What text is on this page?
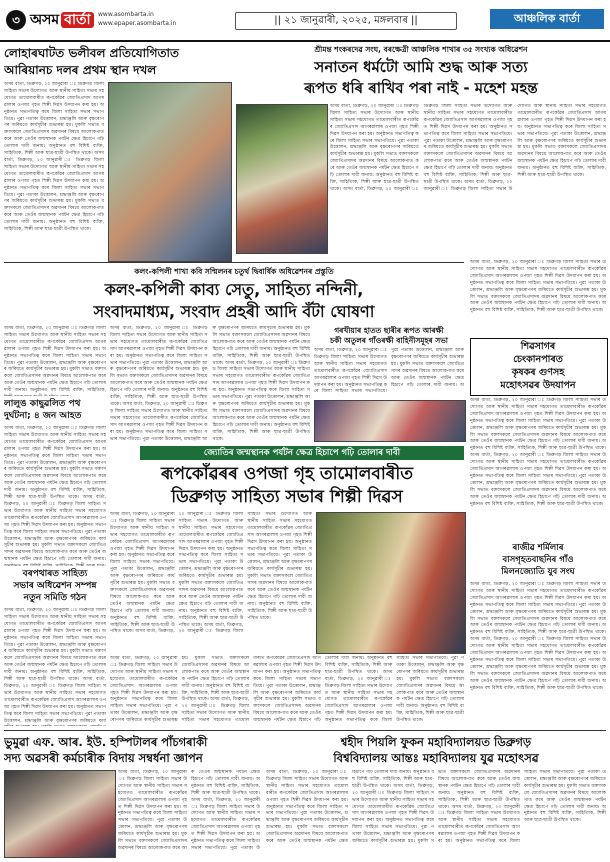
৩ অসম বাৰ্তা www.asombarta.in
www.epaper.asombarta.in	|| ২১ জানুৱাৰী, ২০২৫, মঙ্গলবাৰ ||	আঞ্চলিক বাৰ্তা
লোহাৰঘাটত ভলীবল প্ৰতিযোগিতাত
আৰিয়ানচ দলৰ প্ৰথম স্থান দখল
অসম বাৰ্তা, ডিব্ৰুগড়, ২০ জানুৱাৰী ঃ ডিব্ৰুগড় জিলা সাহিত্য সভাৰ উদ্যোগত আৰু স্থানীয় সাহিত্য সভাৰ সহযোগত তামোলবাৰীত ৰূপকোঁৱৰ জ্যোতিপ্ৰসাদ আগৰৱালাৰ ওপজা গৃহত শিল্পী দিৱস উদযাপন কৰা হয়। অনুষ্ঠানত সভাপতিত্ব কৰে জিলা সাহিত্য সভাৰ সভাপতিয়ে। পুৱা পতাকা উত্তোলন, শ্ৰদ্ধাঞ্জলি আৰু বৃক্ষৰোপণৰ জৰিয়তে কাৰ্যসূচীৰ শুভাৰম্ভ হয়। মুকলি সভাত বক্তাসকলে জ্যোতিপ্ৰসাদৰ অৱদানৰ বিষয়ে আলোকপাত কৰে আৰু তেওঁৰ জন্মস্থানক পৰ্যটন ক্ষেত্ৰ হিচাপে গঢ়ি তোলাৰ দাবী জনায়। অনুষ্ঠানত বহু বিশিষ্ট ব্যক্তি, সাহিত্যিক, শিল্পী আৰু ছাত্ৰ-ছাত্ৰী উপস্থিত থাকে। অসম বাৰ্তা, ডিব্ৰুগড়, ২০ জানুৱাৰী ঃ ডিব্ৰুগড় জিলা সাহিত্য সভাৰ উদ্যোগত আৰু স্থানীয় সাহিত্য সভাৰ সহযোগত তামোলবাৰীত ৰূপকোঁৱৰ জ্যোতিপ্ৰসাদ আগৰৱালাৰ ওপজা গৃহত শিল্পী দিৱস উদযাপন কৰা হয়। অনুষ্ঠানত সভাপতিত্ব কৰে জিলা সাহিত্য সভাৰ সভাপতিয়ে। পুৱা পতাকা উত্তোলন, শ্ৰদ্ধাঞ্জলি আৰু বৃক্ষৰোপণৰ জৰিয়তে কাৰ্যসূচীৰ শুভাৰম্ভ হয়। মুকলি সভাত বক্তাসকলে জ্যোতিপ্ৰসাদৰ অৱদানৰ বিষয়ে আলোকপাত কৰে আৰু তেওঁৰ জন্মস্থানক পৰ্যটন ক্ষেত্ৰ হিচাপে গঢ়ি তোলাৰ দাবী জনায়। অনুষ্ঠানত বহু বিশিষ্ট ব্যক্তি, সাহিত্যিক, শিল্পী আৰু ছাত্ৰ-ছাত্ৰী উপস্থিত থাকে।
শ্ৰীমন্ত শংকৰদেৱ সংঘ, বৰক্ষেত্ৰী আঞ্চলিক শাখাৰ ৩৫ সংখ্যক অধিৱেশন
সনাতন ধৰ্মটো আমি শুদ্ধ আৰু সত্য
ৰূপত ধৰি ৰাখিব পৰা নাই - মহেশ মহন্ত
অসম বাৰ্তা, ডিব্ৰুগড়, ২০ জানুৱাৰী ঃ ডিব্ৰুগড় জিলা সাহিত্য সভাৰ উদ্যোগত আৰু স্থানীয় সাহিত্য সভাৰ সহযোগত তামোলবাৰীত ৰূপকোঁৱৰ জ্যোতিপ্ৰসাদ আগৰৱালাৰ ওপজা গৃহত শিল্পী দিৱস উদযাপন কৰা হয়। অনুষ্ঠানত সভাপতিত্ব কৰে জিলা সাহিত্য সভাৰ সভাপতিয়ে। পুৱা পতাকা উত্তোলন, শ্ৰদ্ধাঞ্জলি আৰু বৃক্ষৰোপণৰ জৰিয়তে কাৰ্যসূচীৰ শুভাৰম্ভ হয়। মুকলি সভাত বক্তাসকলে জ্যোতিপ্ৰসাদৰ অৱদানৰ বিষয়ে আলোকপাত কৰে আৰু তেওঁৰ জন্মস্থানক পৰ্যটন ক্ষেত্ৰ হিচাপে গঢ়ি তোলাৰ দাবী জনায়। অনুষ্ঠানত বহু বিশিষ্ট ব্যক্তি, সাহিত্যিক, শিল্পী আৰু ছাত্ৰ-ছাত্ৰী উপস্থিত থাকে। অসম বাৰ্তা, ডিব্ৰুগড়, ২০ জানুৱাৰী ঃ ডিব্ৰুগড় জিলা সাহিত্য সভাৰ উদ্যোগত আৰু স্থানীয় সাহিত্য সভাৰ সহযোগত তামোলবাৰীত ৰূপকোঁৱৰ জ্যোতিপ্ৰসাদ আগৰৱালাৰ ওপজা গৃহত শিল্পী দিৱস উদযাপন কৰা হয়। অনুষ্ঠানত সভাপতিত্ব কৰে জিলা সাহিত্য সভাৰ সভাপতিয়ে। পুৱা পতাকা উত্তোলন, শ্ৰদ্ধাঞ্জলি আৰু বৃক্ষৰোপণৰ জৰিয়তে কাৰ্যসূচীৰ শুভাৰম্ভ হয়। মুকলি সভাত বক্তাসকলে জ্যোতিপ্ৰসাদৰ অৱদানৰ বিষয়ে আলোকপাত কৰে আৰু তেওঁৰ জন্মস্থানক পৰ্যটন ক্ষেত্ৰ হিচাপে গঢ়ি তোলাৰ দাবী জনায়। অনুষ্ঠানত বহু বিশিষ্ট ব্যক্তি, সাহিত্যিক, শিল্পী আৰু ছাত্ৰ-ছাত্ৰী উপস্থিত থাকে। অসম বাৰ্তা, ডিব্ৰুগড়, ২০ জানুৱাৰী ঃ ডিব্ৰুগড় জিলা সাহিত্য সভাৰ উদ্যোগত আৰু স্থানীয় সাহিত্য সভাৰ সহযোগত তামোলবাৰীত ৰূপকোঁৱৰ জ্যোতিপ্ৰসাদ আগৰৱালাৰ ওপজা গৃহত শিল্পী দিৱস উদযাপন কৰা হয়। অনুষ্ঠানত সভাপতিত্ব কৰে জিলা সাহিত্য সভাৰ সভাপতিয়ে। পুৱা পতাকা উত্তোলন, শ্ৰদ্ধাঞ্জলি আৰু বৃক্ষৰোপণৰ জৰিয়তে কাৰ্যসূচীৰ শুভাৰম্ভ হয়। মুকলি সভাত বক্তাসকলে জ্যোতিপ্ৰসাদৰ অৱদানৰ বিষয়ে আলোকপাত কৰে আৰু তেওঁৰ জন্মস্থানক পৰ্যটন ক্ষেত্ৰ হিচাপে গঢ়ি তোলাৰ দাবী জনায়। অনুষ্ঠানত বহু বিশিষ্ট ব্যক্তি, সাহিত্যিক, শিল্পী আৰু ছাত্ৰ-ছাত্ৰী উপস্থিত থাকে।
কলং-কপিলী শাখা কবি সন্মিলনৰ চতুৰ্থ দ্বিবাৰ্ষিক অধিৱেশনৰ প্ৰস্তুতি
কলং-কপিলী কাব্য সেতু, সাহিত্য নন্দিনী,
সংবাদমাধ্যম, সংবাদ প্ৰহৰী আদি বঁটা ঘোষণা
অসম বাৰ্তা, ডিব্ৰুগড়, ২০ জানুৱাৰী ঃ ডিব্ৰুগড় জিলা সাহিত্য সভাৰ উদ্যোগত আৰু স্থানীয় সাহিত্য সভাৰ সহযোগত তামোলবাৰীত ৰূপকোঁৱৰ জ্যোতিপ্ৰসাদ আগৰৱালাৰ ওপজা গৃহত শিল্পী দিৱস উদযাপন কৰা হয়। অনুষ্ঠানত সভাপতিত্ব কৰে জিলা সাহিত্য সভাৰ সভাপতিয়ে। পুৱা পতাকা উত্তোলন, শ্ৰদ্ধাঞ্জলি আৰু বৃক্ষৰোপণৰ জৰিয়তে কাৰ্যসূচীৰ শুভাৰম্ভ হয়। মুকলি সভাত বক্তাসকলে জ্যোতিপ্ৰসাদৰ অৱদানৰ বিষয়ে আলোকপাত কৰে আৰু তেওঁৰ জন্মস্থানক পৰ্যটন ক্ষেত্ৰ হিচাপে গঢ়ি তোলাৰ দাবী জনায়। অনুষ্ঠানত বহু বিশিষ্ট ব্যক্তি, সাহিত্যিক,
লালুঙ কাছুৱলিত পথ
দুৰ্ঘটনা; ৪ জন আহত
অসম বাৰ্তা, ডিব্ৰুগড়, ২০ জানুৱাৰী ঃ ডিব্ৰুগড় জিলা সাহিত্য সভাৰ উদ্যোগত আৰু স্থানীয় সাহিত্য সভাৰ সহযোগত তামোলবাৰীত ৰূপকোঁৱৰ জ্যোতিপ্ৰসাদ আগৰৱালাৰ ওপজা গৃহত শিল্পী দিৱস উদযাপন কৰা হয়। অনুষ্ঠানত সভাপতিত্ব কৰে জিলা সাহিত্য সভাৰ সভাপতিয়ে। পুৱা পতাকা উত্তোলন, শ্ৰদ্ধাঞ্জলি আৰু বৃক্ষৰোপণৰ জৰিয়তে কাৰ্যসূচীৰ শুভাৰম্ভ হয়। মুকলি সভাত বক্তাসকলে জ্যোতিপ্ৰসাদৰ অৱদানৰ বিষয়ে আলোকপাত কৰে আৰু তেওঁৰ জন্মস্থানক পৰ্যটন ক্ষেত্ৰ হিচাপে গঢ়ি তোলাৰ দাবী জনায়। অনুষ্ঠানত বহু বিশিষ্ট ব্যক্তি, সাহিত্যিক, শিল্পী আৰু ছাত্ৰ-ছাত্ৰী উপস্থিত থাকে। অসম বাৰ্তা, ডিব্ৰুগড়, ২০ জানুৱাৰী ঃ ডিব্ৰুগড় জিলা সাহিত্য সভাৰ উদ্যোগত আৰু স্থানীয় সাহিত্য সভাৰ সহযোগত তামোলবাৰীত ৰূপকোঁৱৰ জ্যোতিপ্ৰসাদ আগৰৱালাৰ ওপজা গৃহত শিল্পী দিৱস উদযাপন কৰা হয়। অনুষ্ঠানত সভাপতিত্ব কৰে জিলা সাহিত্য সভাৰ সভাপতিয়ে। পুৱা পতাকা উত্তোলন, শ্ৰদ্ধাঞ্জলি আৰু বৃক্ষৰোপণৰ জৰিয়তে কাৰ্যসূচীৰ শুভাৰম্ভ হয়। মুকলি সভাত বক্তাসকলে জ্যোতিপ্ৰসাদৰ অৱদানৰ বিষয়ে আলোকপাত কৰে আৰু তেওঁৰ জন্মস্থানক পৰ্যটন ক্ষেত্ৰ হিচাপে গঢ়ি তোলাৰ দাবী জনায়।
বৰপথাৰত সাহিত্য
সভাৰ অধিৱেশন সম্পন্ন
নতুন সমিতি গঠন
অসম বাৰ্তা, ডিব্ৰুগড়, ২০ জানুৱাৰী ঃ ডিব্ৰুগড় জিলা সাহিত্য সভাৰ উদ্যোগত আৰু স্থানীয় সাহিত্য সভাৰ সহযোগত তামোলবাৰীত ৰূপকোঁৱৰ জ্যোতিপ্ৰসাদ আগৰৱালাৰ ওপজা গৃহত শিল্পী দিৱস উদযাপন কৰা হয়। অনুষ্ঠানত সভাপতিত্ব কৰে জিলা সাহিত্য সভাৰ সভাপতিয়ে। পুৱা পতাকা উত্তোলন, শ্ৰদ্ধাঞ্জলি আৰু বৃক্ষৰোপণৰ জৰিয়তে কাৰ্যসূচীৰ শুভাৰম্ভ হয়। মুকলি সভাত বক্তাসকলে জ্যোতিপ্ৰসাদৰ অৱদানৰ বিষয়ে আলোকপাত কৰে আৰু তেওঁৰ জন্মস্থানক পৰ্যটন ক্ষেত্ৰ হিচাপে গঢ়ি তোলাৰ দাবী জনায়। অনুষ্ঠানত বহু বিশিষ্ট ব্যক্তি, সাহিত্যিক, শিল্পী আৰু ছাত্ৰ-ছাত্ৰী উপস্থিত থাকে। অসম বাৰ্তা, ডিব্ৰুগড়, ২০ জানুৱাৰী ঃ ডিব্ৰুগড় জিলা সাহিত্য সভাৰ উদ্যোগত আৰু স্থানীয় সাহিত্য সভাৰ সহযোগত তামোলবাৰীত ৰূপকোঁৱৰ জ্যোতিপ্ৰসাদ আগৰৱালাৰ ওপজা গৃহত শিল্পী দিৱস উদযাপন কৰা হয়। অনুষ্ঠানত সভাপতিত্ব কৰে জিলা সাহিত্য সভাৰ সভাপতিয়ে। পুৱা পতাকা উত্তোলন, শ্ৰদ্ধাঞ্জলি আৰু বৃক্ষৰোপণৰ জৰিয়তে কাৰ্য
অসম বাৰ্তা, ডিব্ৰুগড়, ২০ জানুৱাৰী ঃ ডিব্ৰুগড় জিলা সাহিত্য সভাৰ উদ্যোগত আৰু স্থানীয় সাহিত্য সভাৰ সহযোগত তামোলবাৰীত ৰূপকোঁৱৰ জ্যোতিপ্ৰসাদ আগৰৱালাৰ ওপজা গৃহত শিল্পী দিৱস উদযাপন কৰা হয়। অনুষ্ঠানত সভাপতিত্ব কৰে জিলা সাহিত্য সভাৰ সভাপতিয়ে। পুৱা পতাকা উত্তোলন, শ্ৰদ্ধাঞ্জলি আৰু বৃক্ষৰোপণৰ জৰিয়তে কাৰ্যসূচীৰ শুভাৰম্ভ হয়। মুকলি সভাত বক্তাসকলে জ্যোতিপ্ৰসাদৰ অৱদানৰ বিষয়ে আলোকপাত কৰে আৰু তেওঁৰ জন্মস্থানক পৰ্যটন ক্ষেত্ৰ হিচাপে গঢ়ি তোলাৰ দাবী জনায়। অনুষ্ঠানত বহু বিশিষ্ট ব্যক্তি, সাহিত্যিক, শিল্পী আৰু ছাত্ৰ-ছাত্ৰী উপস্থিত থাকে। অসম বাৰ্তা, ডিব্ৰুগড়, ২০ জানুৱাৰী ঃ ডিব্ৰুগড় জিলা সাহিত্য সভাৰ উদ্যোগত আৰু স্থানীয় সাহিত্য সভাৰ সহযোগত তামোলবাৰীত ৰূপকোঁৱৰ জ্যোতিপ্ৰসাদ আগৰৱালাৰ ওপজা গৃহত শিল্পী দিৱস উদযাপন কৰা হয়। অনুষ্ঠানত সভাপতিত্ব কৰে জিলা সাহিত্য সভাৰ সভাপতিয়ে। পুৱা পতাকা উত্তোলন, শ্ৰদ্ধাঞ্জলি আৰু বৃক্ষৰোপণৰ জৰিয়তে কাৰ্যসূচীৰ শুভাৰম্ভ হয়। মুকলি সভাত বক্তাসকলে জ্যোতিপ্ৰসাদৰ অৱদানৰ বিষয়ে আলোকপাত কৰে আৰু তেওঁৰ জন্মস্থানক পৰ্যটন ক্ষেত্ৰ হিচাপে গঢ়ি তোলাৰ দাবী জনায়। অনুষ্ঠানত বহু বিশিষ্ট ব্যক্তি, সাহিত্যিক, শিল্পী আৰু ছাত্ৰ-ছাত্ৰী উপস্থিত থাকে। অসম বাৰ্তা, ডিব্ৰুগড়, ২০ জানুৱাৰী ঃ ডিব্ৰুগড় জিলা সাহিত্য সভাৰ উদ্যোগত আৰু স্থানীয় সাহিত্য সভাৰ সহযোগত তামোলবাৰীত ৰূপকোঁৱৰ জ্যোতিপ্ৰসাদ আগৰৱালাৰ ওপজা গৃহত শিল্পী দিৱস উদযাপন কৰা হয়। অনুষ্ঠানত সভাপতিত্ব কৰে জিলা সাহিত্য সভাৰ সভাপতিয়ে। পুৱা পতাকা উত্তোলন, শ্ৰদ্ধাঞ্জলি আৰু বৃক্ষৰোপণৰ জৰিয়তে কাৰ্যসূচীৰ শুভাৰম্ভ হয়। মুকলি সভাত বক্তাসকলে জ্যোতিপ্ৰসাদৰ অৱদানৰ বিষয়ে আলোকপাত কৰে আৰু তেওঁৰ জন্মস্থানক পৰ্যটন ক্ষেত্ৰ হিচাপে গঢ়ি তোলাৰ দাবী জনায়। অনুষ্ঠানত বহু বিশিষ্ট ব্যক্তি, সাহিত্যিক, শিল্পী আৰু ছাত্ৰ-ছাত্ৰী উপস্থিত থাকে।
গৰখীয়াৰ হাতত ছাৰীৰ ৰূপত আৰক্ষী
চকী অতুলৰ গাঁওৰক্ষী বাহিনীসমূহৰ সভা
অসম বাৰ্তা, ডিব্ৰুগড়, ২০ জানুৱাৰী ঃ ডিব্ৰুগড় জিলা সাহিত্য সভাৰ উদ্যোগত আৰু স্থানীয় সাহিত্য সভাৰ সহযোগত তামোলবাৰীত ৰূপকোঁৱৰ জ্যোতিপ্ৰসাদ আগৰৱালাৰ ওপজা গৃহত শিল্পী দিৱস উদযাপন কৰা হয়। অনুষ্ঠানত সভাপতিত্ব কৰে জিলা সাহিত্য সভাৰ সভাপতিয়ে। পুৱা পতাকা উত্তোলন, শ্ৰদ্ধাঞ্জলি আৰু বৃক্ষৰোপণৰ জৰিয়তে কাৰ্যসূচীৰ শুভাৰম্ভ হয়। মুকলি সভাত বক্তাসকলে জ্যোতিপ্ৰসাদৰ অৱদানৰ বিষয়ে আলোকপাত কৰে আৰু তেওঁৰ জন্মস্থানক পৰ্যটন ক্ষেত্ৰ হিচাপে গঢ়ি তোলাৰ দাবী জনায়। অ
জ্যোতিৰ জন্মস্থানক পৰ্যটন ক্ষেত্ৰ হিচাপে গঢ়ি তোলাৰ দাবী
ৰূপকোঁৱৰৰ ওপজা গৃহ তামোলবাৰীত
ডিব্ৰুগড় সাহিত্য সভাৰ শিল্পী দিৱস
অসম বাৰ্তা, ডিব্ৰুগড়, ২০ জানুৱাৰী ঃ ডিব্ৰুগড় জিলা সাহিত্য সভাৰ উদ্যোগত আৰু স্থানীয় সাহিত্য সভাৰ সহযোগত তামোলবাৰীত ৰূপকোঁৱৰ জ্যোতিপ্ৰসাদ আগৰৱালাৰ ওপজা গৃহত শিল্পী দিৱস উদযাপন কৰা হয়। অনুষ্ঠানত সভাপতিত্ব কৰে জিলা সাহিত্য সভাৰ সভাপতিয়ে। পুৱা পতাকা উত্তোলন, শ্ৰদ্ধাঞ্জলি আৰু বৃক্ষৰোপণৰ জৰিয়তে কাৰ্যসূচীৰ শুভাৰম্ভ হয়। মুকলি সভাত বক্তাসকলে জ্যোতিপ্ৰসাদৰ অৱদানৰ বিষয়ে আলোকপাত কৰে আৰু তেওঁৰ জন্মস্থানক পৰ্যটন ক্ষেত্ৰ হিচাপে গঢ়ি তোলাৰ দাবী জনায়। অনুষ্ঠানত বহু বিশিষ্ট ব্যক্তি, সাহিত্যিক, শিল্পী আৰু ছাত্ৰ-ছাত্ৰী উপস্থিত থাকে। অসম বাৰ্তা, ডিব্ৰুগড়, ২০ জানুৱাৰী ঃ ডিব্ৰুগড় জিলা সাহিত্য সভাৰ উদ্যোগত আৰু স্থানীয় সাহিত্য সভাৰ সহযোগত তামোলবাৰীত ৰূপকোঁৱৰ জ্যোতিপ্ৰসাদ আগৰৱালাৰ ওপজা গৃহত শিল্পী দিৱস উদযাপন কৰা হয়। অনুষ্ঠানত সভাপতিত্ব কৰে জিলা সাহিত্য সভাৰ সভাপতিয়ে। পুৱা পতাকা উত্তোলন, শ্ৰদ্ধাঞ্জলি আৰু বৃক্ষৰোপণৰ জৰিয়তে কাৰ্যসূচীৰ শুভাৰম্ভ হয়। মুকলি সভাত বক্তাসকলে জ্যোতিপ্ৰসাদৰ অৱদানৰ বিষয়ে আলোকপাত কৰে আৰু তেওঁৰ জন্মস্থানক পৰ্যটন ক্ষেত্ৰ হিচাপে গঢ়ি তোলাৰ দাবী জনায়। অনুষ্ঠানত বহু বিশিষ্ট ব্যক্তি, সাহিত্যিক, শিল্পী আৰু ছাত্ৰ-ছাত্ৰী উপস্থিত থাকে। অসম বাৰ্তা, ডিব্ৰুগড়, ২০ জানুৱাৰী ঃ ডিব্ৰুগড় জিলা সাহিত্য সভাৰ উদ্যোগত আৰু স্থানীয় সাহিত্য সভাৰ সহযোগত তামোলবাৰীত ৰূপকোঁৱৰ জ্যোতিপ্ৰসাদ আগৰৱালাৰ ওপজা গৃহত শিল্পী দিৱস উদযাপন কৰা হয়। অনুষ্ঠানত সভাপতিত্ব কৰে জিলা সাহিত্য সভাৰ সভাপতিয়ে। পুৱা পতাকা উত্তোলন, শ্ৰদ্ধাঞ্জলি আৰু বৃক্ষৰোপণৰ জৰিয়তে কাৰ্যসূচীৰ শুভাৰম্ভ হয়। মুকলি সভাত বক্তাসকলে জ্যোতিপ্ৰসাদৰ অৱদানৰ বিষয়ে আলোকপাত কৰে আৰু তেওঁৰ জন্মস্থানক পৰ্যটন ক্ষেত্ৰ হিচাপে গঢ়ি তোলাৰ দাবী জনায়। অনুষ্ঠানত বহু বিশিষ্ট ব্যক্তি, সাহিত্যিক, শিল্পী আৰু ছাত্ৰ-ছাত্ৰী উপস্থিত থাকে।
অসম বাৰ্তা, ডিব্ৰুগড়, ২০ জানুৱাৰী ঃ ডিব্ৰুগড় জিলা সাহিত্য সভাৰ উদ্যোগত আৰু স্থানীয় সাহিত্য সভাৰ সহযোগত তামোলবাৰীত ৰূপকোঁৱৰ জ্যোতিপ্ৰসাদ আগৰৱালাৰ ওপজা গৃহত শিল্পী দিৱস উদযাপন কৰা হয়। অনুষ্ঠানত সভাপতিত্ব কৰে জিলা সাহিত্য সভাৰ সভাপতিয়ে। পুৱা পতাকা উত্তোলন, শ্ৰদ্ধাঞ্জলি আৰু বৃক্ষৰোপণৰ জৰিয়তে কাৰ্যসূচীৰ শুভাৰম্ভ হয়। মুকলি সভাত বক্তাসকলে জ্যোতিপ্ৰসাদৰ অৱদানৰ বিষয়ে আলোকপাত কৰে আৰু তেওঁৰ জন্মস্থানক পৰ্যটন ক্ষেত্ৰ হিচাপে গঢ়ি তোলাৰ দাবী জনায়। অনুষ্ঠানত বহু বিশিষ্ট ব্যক্তি, সাহিত্যিক, শিল্পী আৰু ছাত্ৰ-ছাত্ৰী উপস্থিত থাকে। অসম বাৰ্তা, ডিব্ৰুগড়, ২০ জানুৱাৰী ঃ ডিব্ৰুগড় জিলা সাহিত্য সভাৰ উদ্যোগত আৰু স্থানীয় সাহিত্য সভাৰ সহযোগত তামোলবাৰীত ৰূপকোঁৱৰ জ্যোতিপ্ৰসাদ আগৰৱালাৰ ওপজা গৃহত শিল্পী দিৱস উদযাপন কৰা হয়। অনুষ্ঠানত সভাপতিত্ব কৰে জিলা সাহিত্য সভাৰ সভাপতিয়ে। পুৱা পতাকা উত্তোলন, শ্ৰদ্ধাঞ্জলি আৰু বৃক্ষৰোপণৰ জৰিয়তে কাৰ্যসূচীৰ শুভাৰম্ভ হয়। মুকলি সভাত বক্তাসকলে জ্যোতিপ্ৰসাদৰ অৱদানৰ বিষয়ে আলোকপাত কৰে আৰু তেওঁৰ জন্মস্থানক পৰ্যটন ক্ষেত্ৰ হিচাপে গঢ়ি তোলাৰ দাবী জনায়। অনুষ্ঠানত বহু বিশিষ্ট ব্যক্তি, সাহিত্যিক, শিল্পী আৰু ছাত্ৰ-ছাত্ৰী উপস্থিত থাকে। অসম বাৰ্তা, ডিব্ৰুগড়, ২০ জানুৱাৰী ঃ ডিব্ৰুগড় জিলা সাহিত্য সভাৰ উদ্যোগত আৰু স্থানীয় সাহিত্য সভাৰ সহযোগত তামোলবাৰীত ৰূপকোঁৱৰ জ্যোতিপ্ৰসাদ আগৰৱালাৰ ওপজা গৃহত শিল্পী দিৱস উদযাপন কৰা হয়। অনুষ্ঠানত সভাপতিত্ব কৰে জিলা সাহিত্য সভাৰ সভাপতিয়ে। পুৱা পতাকা উত্তোলন, শ্ৰদ্ধাঞ্জলি আৰু বৃক্ষৰোপণৰ জৰিয়তে কাৰ্যসূচীৰ শুভাৰম্ভ হয়। মুকলি সভাত বক্তাসকলে জ্যোতিপ্ৰসাদৰ অৱদানৰ বিষয়ে আলোকপাত কৰে আৰু তেওঁৰ জন্মস্থানক পৰ্যটন ক্ষেত্ৰ হিচাপে গঢ়ি তোলাৰ দাবী জনায়। অনুষ্ঠানত বহু বিশিষ্ট ব্যক্তি, সাহিত্যিক, শিল্পী আৰু ছাত্ৰ-ছাত্ৰী উপস্থিত থাকে।
অসম বাৰ্তা, ডিব্ৰুগড়, ২০ জানুৱাৰী ঃ ডিব্ৰুগড় জিলা সাহিত্য সভাৰ উদ্যোগত আৰু স্থানীয় সাহিত্য সভাৰ সহযোগত তামোলবাৰীত ৰূপকোঁৱৰ জ্যোতিপ্ৰসাদ আগৰৱালাৰ ওপজা গৃহত শিল্পী দিৱস উদযাপন কৰা হয়। অনুষ্ঠানত সভাপতিত্ব কৰে জিলা সাহিত্য সভাৰ সভাপতিয়ে। পুৱা পতাকা উত্তোলন, শ্ৰদ্ধাঞ্জলি আৰু বৃক্ষৰোপণৰ জৰিয়তে কাৰ্যসূচীৰ শুভাৰম্ভ হয়। মুকলি সভাত বক্তাসকলে জ্যোতিপ্ৰসাদৰ অৱদানৰ বিষয়ে আলোকপাত কৰে আৰু তেওঁৰ জন্মস্থানক পৰ্যটন ক্ষেত্ৰ হিচাপে গঢ়ি তোলাৰ দাবী জনায়। অনুষ্ঠানত বহু বিশিষ্ট ব্যক্তি, সাহিত্যিক, শিল্পী আৰু ছাত্ৰ-ছাত্ৰী উপস্থিত থাকে।
শিৱসাগৰ
চেংকানপাৰত
কৃষকৰ গুণসহ
মহোৎসৱৰ উদযাপন
অসম বাৰ্তা, ডিব্ৰুগড়, ২০ জানুৱাৰী ঃ ডিব্ৰুগড় জিলা সাহিত্য সভাৰ উদ্যোগত আৰু স্থানীয় সাহিত্য সভাৰ সহযোগত তামোলবাৰীত ৰূপকোঁৱৰ জ্যোতিপ্ৰসাদ আগৰৱালাৰ ওপজা গৃহত শিল্পী দিৱস উদযাপন কৰা হয়। অনুষ্ঠানত সভাপতিত্ব কৰে জিলা সাহিত্য সভাৰ সভাপতিয়ে। পুৱা পতাকা উত্তোলন, শ্ৰদ্ধাঞ্জলি আৰু বৃক্ষৰোপণৰ জৰিয়তে কাৰ্যসূচীৰ শুভাৰম্ভ হয়। মুকলি সভাত বক্তাসকলে জ্যোতিপ্ৰসাদৰ অৱদানৰ বিষয়ে আলোকপাত কৰে আৰু তেওঁৰ জন্মস্থানক পৰ্যটন ক্ষেত্ৰ হিচাপে গঢ়ি তোলাৰ দাবী জনায়। অনুষ্ঠানত বহু বিশিষ্ট ব্যক্তি, সাহিত্যিক, শিল্পী আৰু ছাত্ৰ-ছাত্ৰী উপস্থিত থাকে। অসম বাৰ্তা, ডিব্ৰুগড়, ২০ জানুৱাৰী ঃ ডিব্ৰুগড় জিলা সাহিত্য সভাৰ উদ্যোগত আৰু স্থানীয় সাহিত্য সভাৰ সহযোগত তামোলবাৰীত ৰূপকোঁৱৰ জ্যোতিপ্ৰসাদ আগৰৱালাৰ ওপজা গৃহত শিল্পী দিৱস উদযাপন কৰা হয়। অনুষ্ঠানত সভাপতিত্ব কৰে জিলা সাহিত্য সভাৰ সভাপতিয়ে। পুৱা পতাকা উত্তোলন, শ্ৰদ্ধাঞ্জলি আৰু বৃক্ষৰোপণৰ জৰিয়তে কাৰ্যসূচীৰ শুভাৰম্ভ হয়। মুকলি সভাত বক্তাসকলে জ্যোতিপ্ৰসাদৰ অৱদানৰ বিষয়ে আলোকপাত কৰে আৰু তেওঁৰ জন্মস্থানক পৰ্যটন ক্ষেত্ৰ হিচাপে গঢ়ি তোলাৰ দাবী জনায়। অনুষ্ঠানত বহু বিশিষ্ট ব্যক্তি, সাহিত্যিক, শিল্পী আৰু ছাত্ৰ-ছাত্ৰী উপস্থিত থাকে।
ৰাজীৱ শৰ্মিলাৰ
বাসগৃহতবাছনিৰ গাঁও
মিলনজ্যোতি যুব সংঘ
অসম বাৰ্তা, ডিব্ৰুগড়, ২০ জানুৱাৰী ঃ ডিব্ৰুগড় জিলা সাহিত্য সভাৰ উদ্যোগত আৰু স্থানীয় সাহিত্য সভাৰ সহযোগত তামোলবাৰীত ৰূপকোঁৱৰ জ্যোতিপ্ৰসাদ আগৰৱালাৰ ওপজা গৃহত শিল্পী দিৱস উদযাপন কৰা হয়। অনুষ্ঠানত সভাপতিত্ব কৰে জিলা সাহিত্য সভাৰ সভাপতিয়ে। পুৱা পতাকা উত্তোলন, শ্ৰদ্ধাঞ্জলি আৰু বৃক্ষৰোপণৰ জৰিয়তে কাৰ্যসূচীৰ শুভাৰম্ভ হয়। মুকলি সভাত বক্তাসকলে জ্যোতিপ্ৰসাদৰ অৱদানৰ বিষয়ে আলোকপাত কৰে আৰু তেওঁৰ জন্মস্থানক পৰ্যটন ক্ষেত্ৰ হিচাপে গঢ়ি তোলাৰ দাবী জনায়। অনুষ্ঠানত বহু বিশিষ্ট ব্যক্তি, সাহিত্যিক, শিল্পী আৰু ছাত্ৰ-ছাত্ৰী উপস্থিত থাকে। অসম বাৰ্তা, ডিব্ৰুগড়, ২০ জানুৱাৰী ঃ ডিব্ৰুগড় জিলা সাহিত্য সভাৰ উদ্যোগত আৰু স্থানীয় সাহিত্য সভাৰ সহযোগত তামোলবাৰীত ৰূপকোঁৱৰ জ্যোতিপ্ৰসাদ আগৰৱালাৰ ওপজা গৃহত শিল্পী দিৱস উদযাপন কৰা হয়। অনুষ্ঠানত সভাপতিত্ব কৰে জিলা সাহিত্য সভাৰ সভাপতিয়ে। পুৱা পতাকা উত্তোলন, শ্ৰদ্ধাঞ্জলি আৰু বৃক্ষৰোপণৰ জৰিয়তে কাৰ্যসূচীৰ শুভাৰম্ভ হয়। মুকলি সভাত বক্তাসকলে জ্যোতিপ্ৰসাদৰ অৱদানৰ বিষয়ে আলোকপাত কৰে আৰু তেওঁৰ জন্মস্থানক পৰ্যটন ক্ষেত্ৰ হিচাপে গঢ়ি তোলাৰ দাবী জনায়। অনুষ্ঠানত বহু বিশিষ্ট ব্যক্তি, সাহিত্যিক, শিল্পী আৰু ছাত্ৰ-ছাত্ৰী উপস্থিত থাকে।
ভুমুৱা এফ. আৰ. ইউ. হস্পিটালৰ পাঁচগৰাকী
সদ্য অৱসৰী কৰ্মচাৰীক বিদায় সম্বৰ্ধনা জ্ঞাপন
অসম বাৰ্তা, ডিব্ৰুগড়, ২০ জানুৱাৰী ঃ ডিব্ৰুগড় জিলা সাহিত্য সভাৰ উদ্যোগত আৰু স্থানীয় সাহিত্য সভাৰ সহযোগত তামোলবাৰীত ৰূপকোঁৱৰ জ্যোতিপ্ৰসাদ আগৰৱালাৰ ওপজা গৃহত শিল্পী দিৱস উদযাপন কৰা হয়। অনুষ্ঠানত সভাপতিত্ব কৰে জিলা সাহিত্য সভাৰ সভাপতিয়ে। পুৱা পতাকা উত্তোলন, শ্ৰদ্ধাঞ্জলি আৰু বৃক্ষৰোপণৰ জৰিয়তে কাৰ্যসূচীৰ শুভাৰম্ভ হয়। মুকলি সভাত বক্তাসকলে জ্যোতিপ্ৰসাদৰ অৱদানৰ বিষয়ে আলোকপাত কৰে আৰু তেওঁৰ জন্মস্থানক পৰ্যটন ক্ষেত্ৰ হিচাপে গঢ়ি তোলাৰ দাবী জনায়। অনুষ্ঠানত বহু বিশিষ্ট ব্যক্তি, সাহিত্যিক, শিল্পী আৰু ছাত্ৰ-ছাত্ৰী উপস্থিত থাকে। অসম বাৰ্তা, ডিব্ৰুগড়, ২০ জানুৱাৰী ঃ ডিব্ৰুগড় জিলা সাহিত্য সভাৰ উদ্যোগত আৰু স্থানীয় সাহিত্য সভাৰ সহযোগত তামোলবাৰীত ৰূপকোঁৱৰ জ্যোতিপ্ৰসাদ আগৰৱালাৰ ওপজা গৃহত শিল্পী দিৱস উদযাপন কৰা হয়। অনুষ্ঠানত সভাপতিত্ব কৰে জিলা সাহিত্য সভাৰ সভাপতিয়ে। পুৱা পতাকা উ
শ্বহীদ পিয়লি ফুকন মহাবিদ্যালয়ত ডিব্ৰুগড়
বিশ্ববিদ্যালয় আন্তঃ মহাবিদ্যালয় যুৱ মহোৎসৱ
অসম বাৰ্তা, ডিব্ৰুগড়, ২০ জানুৱাৰী ঃ ডিব্ৰুগড় জিলা সাহিত্য সভাৰ উদ্যোগত আৰু স্থানীয় সাহিত্য সভাৰ সহযোগত তামোলবাৰীত ৰূপকোঁৱৰ জ্যোতিপ্ৰসাদ আগৰৱালাৰ ওপজা গৃহত শিল্পী দিৱস উদযাপন কৰা হয়। অনুষ্ঠানত সভাপতিত্ব কৰে জিলা সাহিত্য সভাৰ সভাপতিয়ে। পুৱা পতাকা উত্তোলন, শ্ৰদ্ধাঞ্জলি আৰু বৃক্ষৰোপণৰ জৰিয়তে কাৰ্যসূচীৰ শুভাৰম্ভ হয়। মুকলি সভাত বক্তাসকলে জ্যোতিপ্ৰসাদৰ অৱদানৰ বিষয়ে আলোকপাত কৰে আৰু তেওঁৰ জন্মস্থানক পৰ্যটন ক্ষেত্ৰ হিচাপে গঢ়ি তোলাৰ দাবী জনায়। অনুষ্ঠানত বহু বিশিষ্ট ব্যক্তি, সাহিত্যিক, শিল্পী আৰু ছাত্ৰ-ছাত্ৰী উপস্থিত থাকে। অসম বাৰ্তা, ডিব্ৰুগড়, ২০ জানুৱাৰী ঃ ডিব্ৰুগড় জিলা সাহিত্য সভাৰ উদ্যোগত আৰু স্থানীয় সাহিত্য সভাৰ সহযোগত তামোলবাৰীত ৰূপকোঁৱৰ জ্যোতিপ্ৰসাদ আগৰৱালাৰ ওপজা গৃহত শিল্পী দিৱস উদযাপন কৰা হয়। অনুষ্ঠানত সভাপতিত্ব কৰে জিলা সাহিত্য সভাৰ সভাপতিয়ে। পুৱা পতাকা উত্তোলন, শ্ৰদ্ধাঞ্জলি আৰু বৃক্ষৰোপণৰ জৰিয়তে কাৰ্যসূচীৰ শুভাৰম্ভ হয়। মুকলি সভাত বক্তাসকলে জ্যোতিপ্ৰসাদৰ অৱদানৰ বিষয়ে আলোকপাত কৰে আৰু তেওঁৰ জন্মস্থানক পৰ্যটন ক্ষেত্ৰ হিচাপে গঢ়ি তোলাৰ দাবী জনায়। অনুষ্ঠানত বহু বিশিষ্ট ব্যক্তি, সাহিত্যিক, শিল্পী আৰু ছাত্ৰ-ছাত্ৰী উপস্থিত থাকে। অসম বাৰ্তা, ডিব্ৰুগড়, ২০ জানুৱাৰী ঃ ডিব্ৰুগড় জিলা সাহিত্য সভাৰ উদ্যোগত আৰু স্থানীয় সাহিত্য সভাৰ সহযোগত তামোলবাৰীত ৰূপকোঁৱৰ জ্যোতিপ্ৰসাদ আগৰৱালাৰ ওপজা গৃহত শিল্পী দিৱস উদযাপন কৰা হয়। অনুষ্ঠানত সভাপতিত্ব কৰে জিলা সাহিত্য সভাৰ সভাপতিয়ে। পুৱা পতাকা উত্তোলন, শ্ৰদ্ধাঞ্জলি আৰু বৃক্ষৰোপণৰ জৰিয়তে কাৰ্যসূচীৰ শুভাৰম্ভ হয়। মুকলি সভাত বক্তাসকলে জ্যোতিপ্ৰসাদৰ অৱদানৰ বিষয়ে আলোকপাত কৰে আৰু তেওঁৰ জন্মস্থানক পৰ্যটন ক্ষেত্ৰ হিচাপে গঢ়ি তোলাৰ দাবী জনায়। অনুষ্ঠানত বহু বিশিষ্ট ব্যক্তি, সাহিত্যিক, শিল্পী আৰু ছাত্ৰ-ছাত্ৰী উপস্থিত থাকে।
